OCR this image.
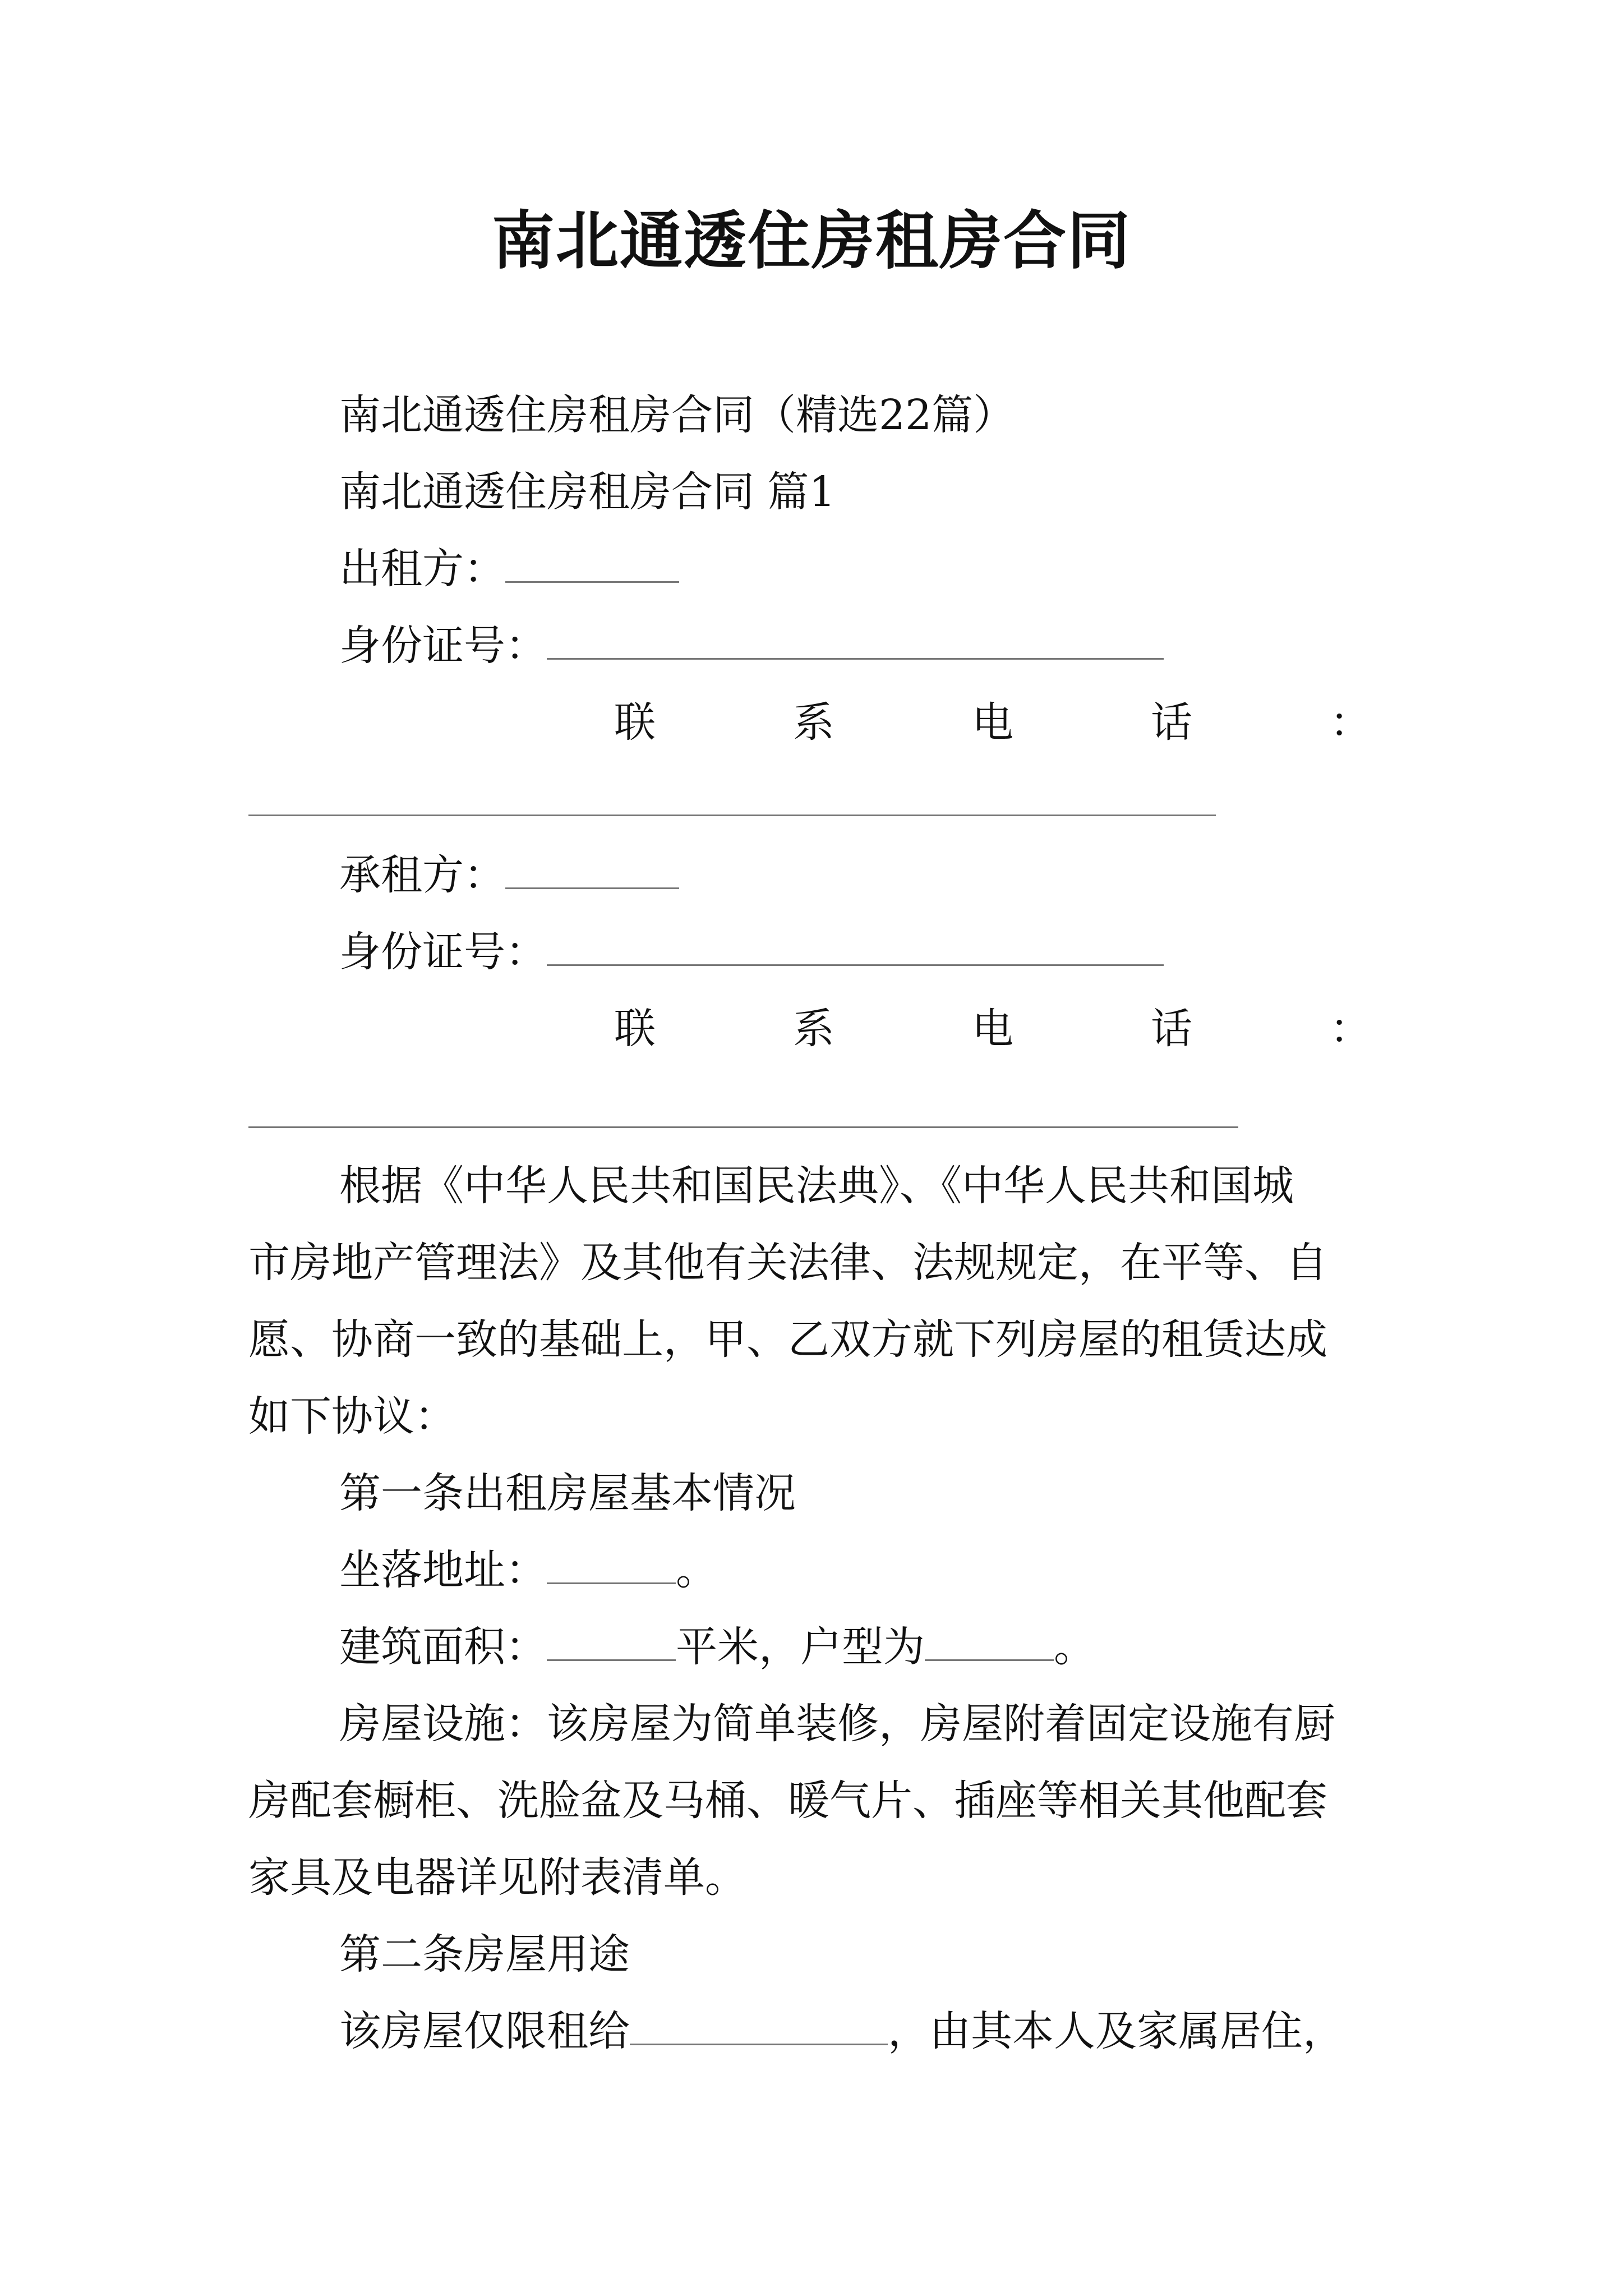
南北通透住房租房合同
南北通透住房租房合同（精选22篇）
南北通透住房租房合同 篇1
出租方：
身份证号：
联	系	电	话	：
承租方：
身份证号：
联	系	电	话	：
根据《中华人民共和国民法典》、《中华人民共和国城
市房地产管理法》及其他有关法律、法规规定，在平等、自
愿、协商一致的基础上，甲、乙双方就下列房屋的租赁达成
如下协议：
第一条出租房屋基本情况
坐落地址：	。
建筑面积：	平米，户型为	。
房屋设施：该房屋为简单装修，房屋附着固定设施有厨
房配套橱柜、洗脸盆及马桶、暖气片、插座等相关其他配套
家具及电器详见附表清单。
第二条房屋用途
该房屋仅限租给	，由其本人及家属居住，
